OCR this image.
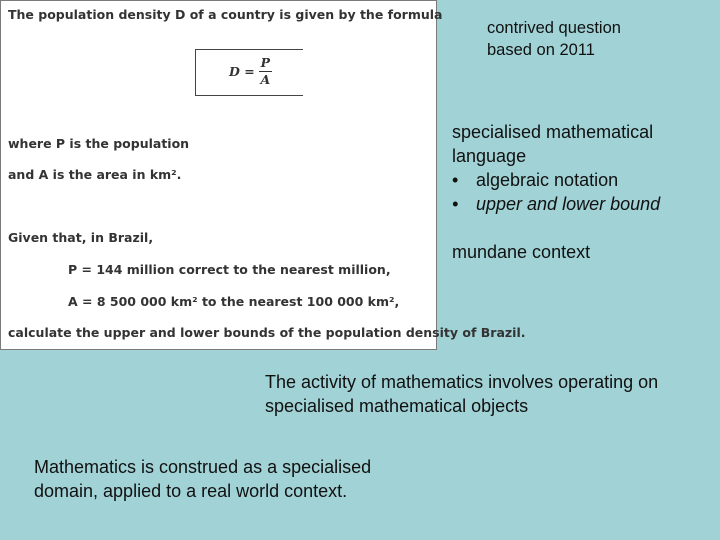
The population density D of a country is given by the formula
$D = \frac{P}{A}$
where P is the population
and A is the area in km².
Given that, in Brazil,
P = 144 million correct to the nearest million,
A = 8 500 000 km² to the nearest 100 000 km²,
calculate the upper and lower bounds of the population density of Brazil.
contrived question
based on 2011
specialised mathematical
language
• algebraic notation
• upper and lower bound
mundane context
The activity of mathematics involves operating on
specialised mathematical objects
Mathematics is construed as a specialised
domain, applied to a real world context.
